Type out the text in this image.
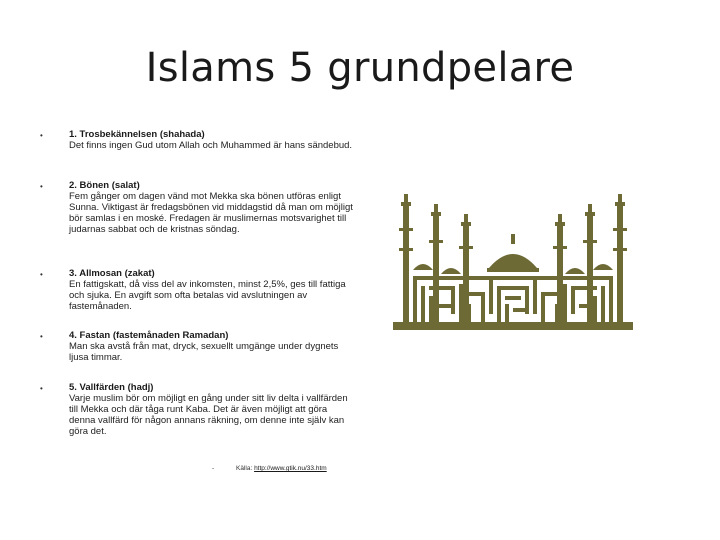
Islams 5 grundpelare
•	1. Trosbekännelsen (shahada)
Det finns ingen Gud utom Allah och Muhammed är hans sändebud.
•	2. Bönen (salat)
Fem gånger om dagen vänd mot Mekka ska bönen utföras enligt Sunna. Viktigast är fredagsbönen vid middagstid då man om möjligt bör samlas i en moské. Fredagen är muslimernas motsvarighet till judarnas sabbat och de kristnas söndag.
•	3. Allmosan (zakat)
En fattigskatt, då viss del av inkomsten, minst 2,5%, ges till fattiga och sjuka. En avgift som ofta betalas vid avslutningen av fastemånaden.
•	4. Fastan (fastemånaden Ramadan)
Man ska avstå från mat, dryck, sexuellt umgänge under dygnets ljusa timmar.
•	5. Vallfärden (hadj)
Varje muslim bör om möjligt en gång under sitt liv delta i vallfärden till Mekka och där tåga runt Kaba. Det är även möjligt att göra denna vallfärd för någon annans räkning, om denne inte själv kan göra det.
-	Källa: http://www.gtik.nu/33.htm
